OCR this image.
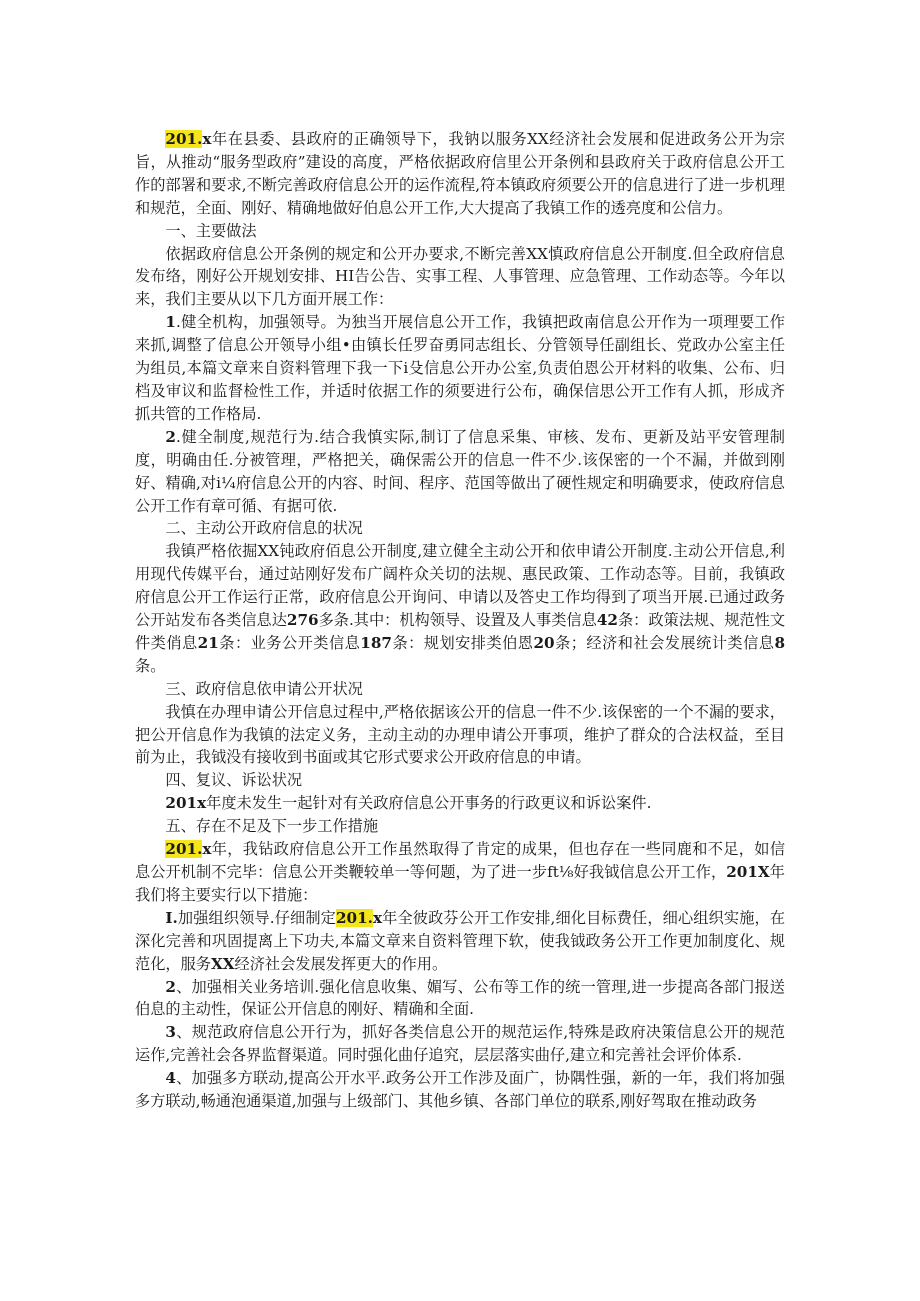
201.x年在县委、县政府的正确领导下，我钠以服务XX经济社会发展和促进政务公开为宗旨，从推动“服务型政府”建设的高度，严格依据政府信里公开条例和县政府关于政府信息公开工作的部署和要求,不断完善政府信息公开的运作流程,符本镇政府须要公开的信息进行了进一步机理和规范，全面、刚好、精确地做好伯息公开工作,大大提高了我镇工作的透亮度和公信力。

一、主要做法

依据政府信息公开条例的规定和公开办要求,不断完善XX慎政府信息公开制度.但全政府信息发布络，刚好公开规划安排、HI告公告、实事工程、人事管理、应急管理、工作动态等。今年以来，我们主要从以下几方面开展工作：

1.健全机构，加强领导。为独当开展信息公开工作，我镇把政南信息公开作为一项理要工作来抓,调整了信息公开领导小组•由镇长任罗奋勇同志组长、分管领导任副组长、党政办公室主任为组员,本篇文章来自资料管理下我一下i殳信息公开办公室,负责伯恩公开材料的收集、公布、归档及审议和监督检性工作，并适时依据工作的须要进行公布，确保信思公开工作有人抓，形成齐抓共管的工作格局.

2.健全制度,规范行为.结合我慎实际,制订了信息采集、审核、发布、更新及站平安管理制度，明确由任.分被管理，严格把关，确保需公开的信息一件不少.该保密的一个不漏，并做到刚好、精确,对i¼府信息公开的内容、时间、程序、范国等做出了硬性规定和明确要求，使政府信息公开工作有章可循、有据可依.

二、主动公开政府信息的状况

我镇严格依掘XX钝政府佰息公开制度,建立健全主动公开和依申请公开制度.主动公开信息,利用现代传媒平台，通过站刚好发布广阔杵众关切的法规、惠民政策、工作动态等。目前，我镇政府信息公开工作运行正常，政府信息公开询问、申请以及答史工作均得到了项当开展.已通过政务公开站发布各类信息达276多条.其中：机构领导、设置及人事类信息42条：政策法规、规范性文件类俏息21条：业务公开类信息187条：规划安排类伯恩20条；经济和社会发展统计类信息8条。

三、政府信息依申请公开状况

我慎在办理申请公开信息过程中,严格依据该公开的信息一件不少.该保密的一个不漏的要求，把公开信息作为我镇的法定义务，主动主动的办理申请公开事项，维护了群众的合法权益，至目前为止，我钺没有接收到书面或其它形式要求公开政府信息的申请。

四、复议、诉讼状况

201x年度未发生一起针对有关政府信息公开事务的行政更议和诉讼案件.

五、存在不足及下一步工作措施

201.x年，我钻政府信息公开工作虽然取得了肯定的成果，但也存在一些同鹿和不足，如信息公开机制不完毕：信息公开类鞭较单一等何题，为了进一步ft⅛好我钺信息公开工作，201X年我们将主要实行以下措施：

I.加强组织领导.仔细制定201.x年全彼政芬公开工作安排,细化目标费任，细心组织实施，在深化完善和巩固提离上下功夫,本篇文章来自资料管理下软，使我钺政务公开工作更加制度化、规范化，服务XX经济社会发展发挥更大的作用。

2、加强相关业务培训.强化信息收集、媚写、公布等工作的统一管理,进一步提高各部门报送伯息的主动性，保证公开信息的刚好、精确和全面.

3、规范政府信息公开行为，抓好各类信息公开的规范运作,特殊是政府决策信息公开的规范运作,完善社会各界监督渠道。同时强化曲仔追究，层层落实曲仔,建立和完善社会评价体系.

4、加强多方联动,提高公开水平.政务公开工作涉及面广，协隅性强，新的一年，我们将加强多方联动,畅通泡通渠道,加强与上级部门、其他乡镇、各部门单位的联系,刚好驾取在推动政务
